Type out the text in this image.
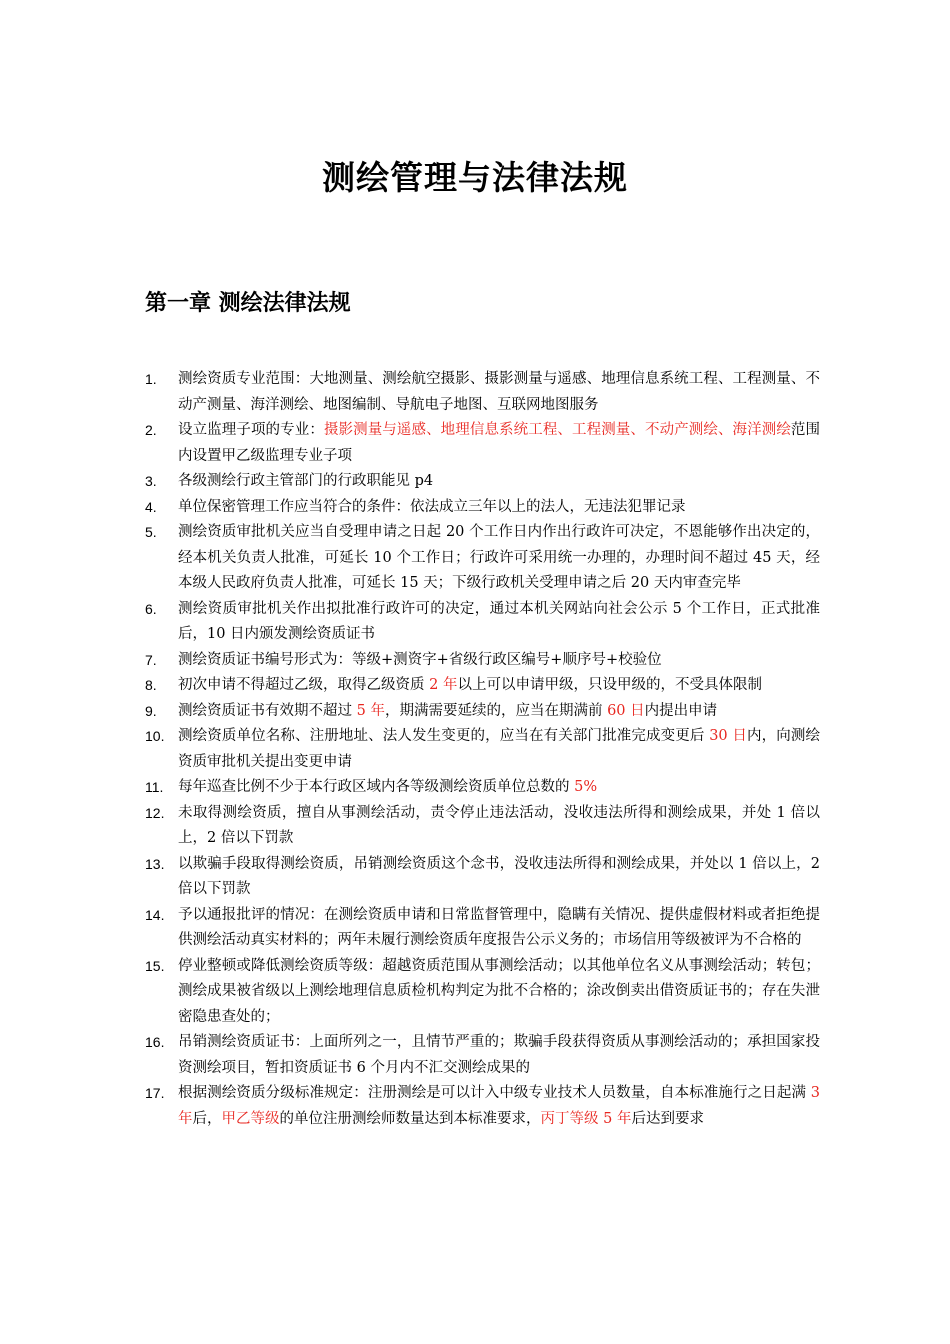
测绘管理与法律法规
第一章 测绘法律法规
1. 测绘资质专业范围：大地测量、测绘航空摄影、摄影测量与遥感、地理信息系统工程、工程测量、不动产测量、海洋测绘、地图编制、导航电子地图、互联网地图服务
2. 设立监理子项的专业：摄影测量与遥感、地理信息系统工程、工程测量、不动产测绘、海洋测绘范围内设置甲乙级监理专业子项
3. 各级测绘行政主管部门的行政职能见 p4
4. 单位保密管理工作应当符合的条件：依法成立三年以上的法人，无违法犯罪记录
5. 测绘资质审批机关应当自受理申请之日起 20 个工作日内作出行政许可决定，不恩能够作出决定的，经本机关负责人批准，可延长 10 个工作日；行政许可采用统一办理的，办理时间不超过 45 天，经本级人民政府负责人批准，可延长 15 天；下级行政机关受理申请之后 20 天内审查完毕
6. 测绘资质审批机关作出拟批准行政许可的决定，通过本机关网站向社会公示 5 个工作日，正式批准后，10 日内颁发测绘资质证书
7. 测绘资质证书编号形式为：等级+测资字+省级行政区编号+顺序号+校验位
8. 初次申请不得超过乙级，取得乙级资质 2 年以上可以申请甲级，只设甲级的，不受具体限制
9. 测绘资质证书有效期不超过 5 年，期满需要延续的，应当在期满前 60 日内提出申请
10. 测绘资质单位名称、注册地址、法人发生变更的，应当在有关部门批准完成变更后 30 日内，向测绘资质审批机关提出变更申请
11. 每年巡查比例不少于本行政区域内各等级测绘资质单位总数的 5%
12. 未取得测绘资质，擅自从事测绘活动，责令停止违法活动，没收违法所得和测绘成果，并处 1 倍以上，2 倍以下罚款
13. 以欺骗手段取得测绘资质，吊销测绘资质这个念书，没收违法所得和测绘成果，并处以 1 倍以上，2 倍以下罚款
14. 予以通报批评的情况：在测绘资质申请和日常监督管理中，隐瞒有关情况、提供虚假材料或者拒绝提供测绘活动真实材料的；两年未履行测绘资质年度报告公示义务的；市场信用等级被评为不合格的
15. 停业整顿或降低测绘资质等级：超越资质范围从事测绘活动；以其他单位名义从事测绘活动；转包；测绘成果被省级以上测绘地理信息质检机构判定为批不合格的；涂改倒卖出借资质证书的；存在失泄密隐患查处的；
16. 吊销测绘资质证书：上面所列之一，且情节严重的；欺骗手段获得资质从事测绘活动的；承担国家投资测绘项目，暂扣资质证书 6 个月内不汇交测绘成果的
17. 根据测绘资质分级标准规定：注册测绘是可以计入中级专业技术人员数量，自本标准施行之日起满 3 年后，甲乙等级的单位注册测绘师数量达到本标准要求，丙丁等级 5 年后达到要求
